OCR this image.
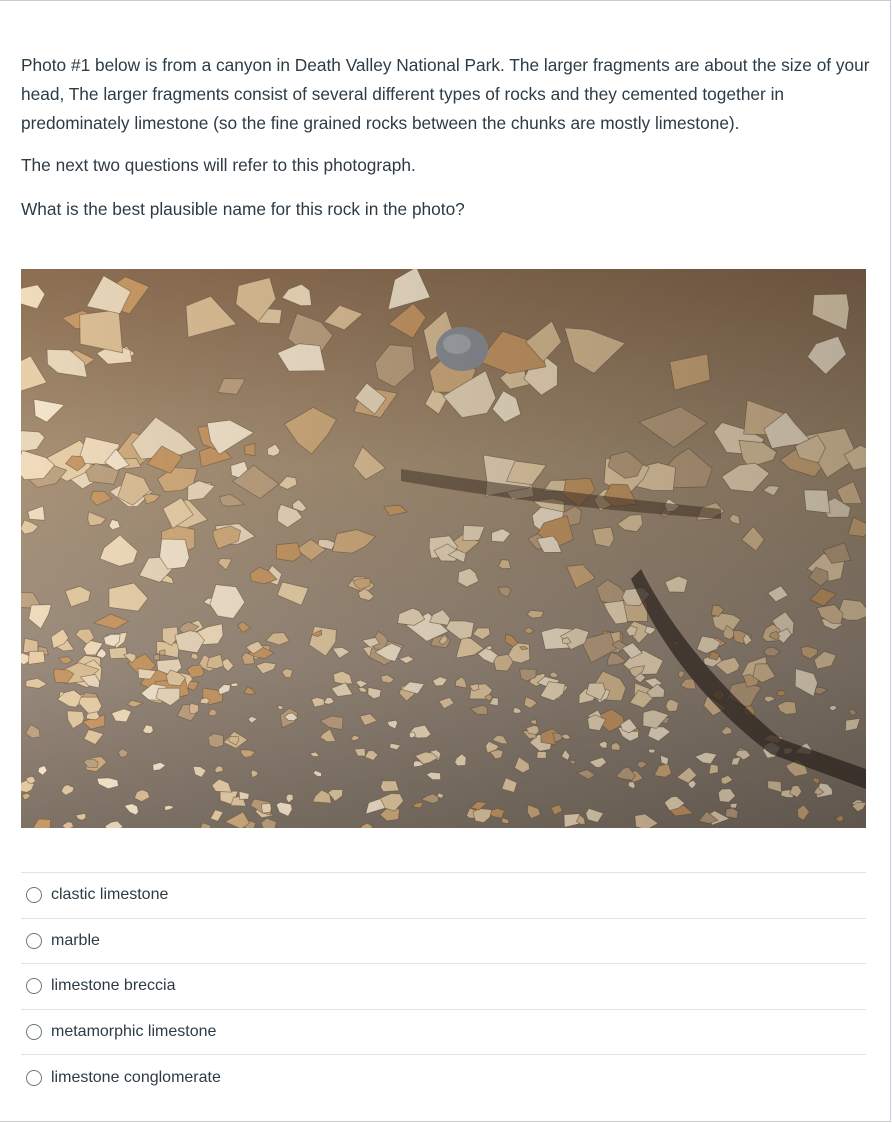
Photo #1 below is from a canyon in Death Valley National Park. The larger fragments are about the size of your head, The larger fragments consist of several different types of rocks and they cemented together in predominately limestone (so the fine grained rocks between the chunks are mostly limestone).

The next two questions will refer to this photograph.

What is the best plausible name for this rock in the photo?

clastic limestone
marble
limestone breccia
metamorphic limestone
limestone conglomerate
